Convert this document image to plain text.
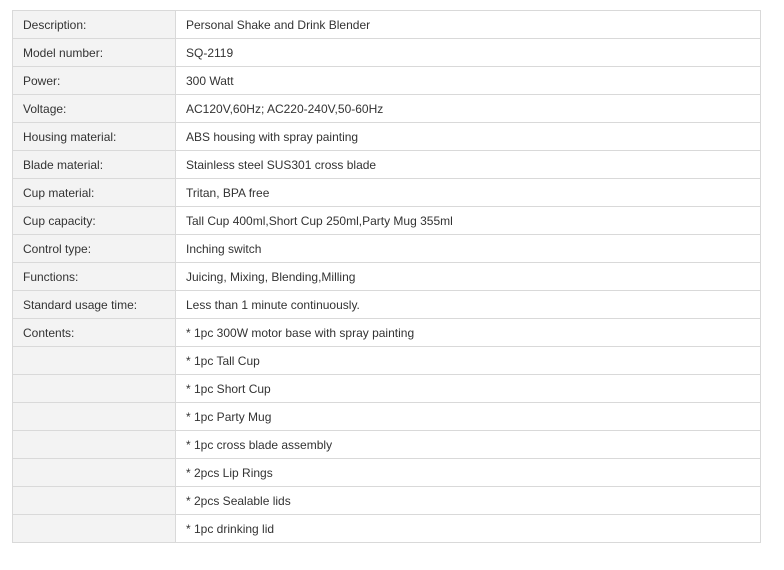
Description:	Personal Shake and Drink Blender
Model number:	SQ-2119
Power:	300 Watt
Voltage:	AC120V,60Hz; AC220-240V,50-60Hz
Housing material:	ABS housing with spray painting
Blade material:	Stainless steel SUS301 cross blade
Cup material:	Tritan, BPA free
Cup capacity:	Tall Cup 400ml,Short Cup 250ml,Party Mug 355ml
Control type:	Inching switch
Functions:	Juicing, Mixing, Blending,Milling
Standard usage time:	Less than 1 minute continuously.
Contents:	* 1pc 300W motor base with spray painting
	* 1pc Tall Cup
	* 1pc Short Cup
	* 1pc Party Mug
	* 1pc cross blade assembly
	* 2pcs Lip Rings
	* 2pcs Sealable lids
	* 1pc drinking lid
